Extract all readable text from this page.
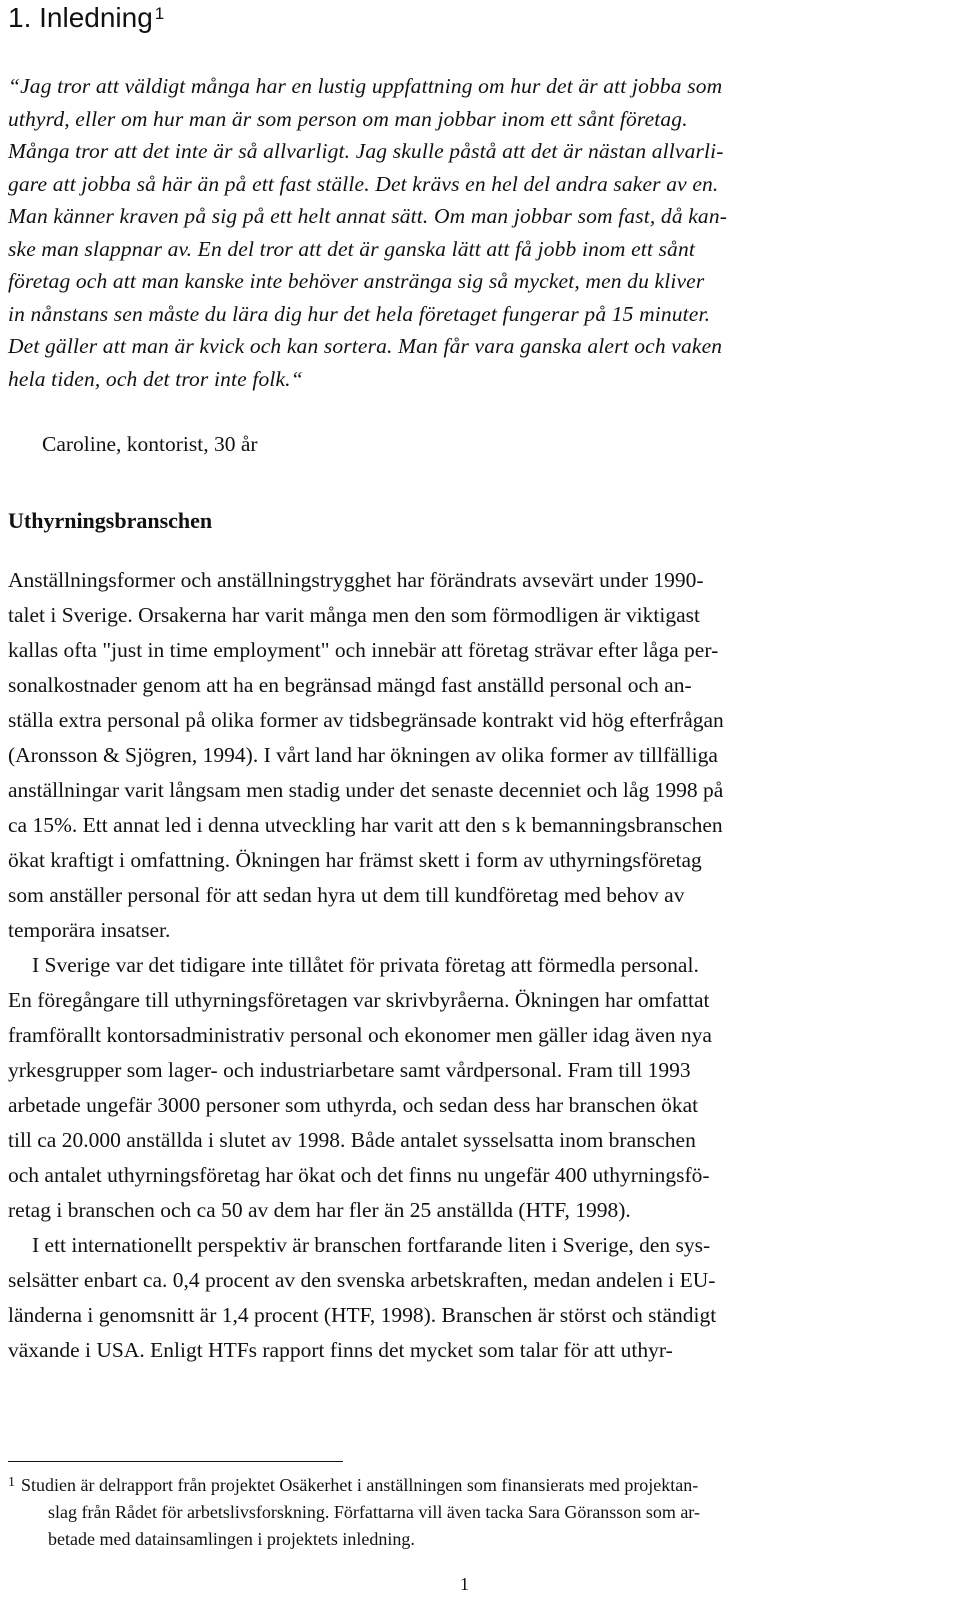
1. Inledning $^1$
“Jag tror att väldigt många har en lustig uppfattning om hur det är att jobba som
uthyrd, eller om hur man är som person om man jobbar inom ett sånt företag.
Många tror att det inte är så allvarligt. Jag skulle påstå att det är nästan allvarli-
gare att jobba så här än på ett fast ställe. Det krävs en hel del andra saker av en.
Man känner kraven på sig på ett helt annat sätt. Om man jobbar som fast, då kan-
ske man slappnar av. En del tror att det är ganska lätt att få jobb inom ett sånt
företag och att man kanske inte behöver anstränga sig så mycket, men du kliver
in nånstans sen måste du lära dig hur det hela företaget fungerar på 15 minuter.
Det gäller att man är kvick och kan sortera. Man får vara ganska alert och vaken
hela tiden, och det tror inte folk.“

Caroline, kontorist, 30 år

Uthyrningsbranschen
Anställningsformer och anställningstrygghet har förändrats avsevärt under 1990-
talet i Sverige. Orsakerna har varit många men den som förmodligen är viktigast
kallas ofta "just in time employment" och innebär att företag strävar efter låga per-
sonalkostnader genom att ha en begränsad mängd fast anställd personal och an-
ställa extra personal på olika former av tidsbegränsade kontrakt vid hög efterfrågan
(Aronsson & Sjögren, 1994). I vårt land har ökningen av olika former av tillfälliga
anställningar varit långsam men stadig under det senaste decenniet och låg 1998 på
ca 15%. Ett annat led i denna utveckling har varit att den s k bemanningsbranschen
ökat kraftigt i omfattning. Ökningen har främst skett i form av uthyrningsföretag
som anställer personal för att sedan hyra ut dem till kundföretag med behov av
temporära insatser.
I Sverige var det tidigare inte tillåtet för privata företag att förmedla personal.
En föregångare till uthyrningsföretagen var skrivbyråerna. Ökningen har omfattat
framförallt kontorsadministrativ personal och ekonomer men gäller idag även nya
yrkesgrupper som lager- och industriarbetare samt vårdpersonal. Fram till 1993
arbetade ungefär 3000 personer som uthyrda, och sedan dess har branschen ökat
till ca 20.000 anställda i slutet av 1998. Både antalet sysselsatta inom branschen
och antalet uthyrningsföretag har ökat och det finns nu ungefär 400 uthyrningsfö-
retag i branschen och ca 50 av dem har fler än 25 anställda (HTF, 1998).
I ett internationellt perspektiv är branschen fortfarande liten i Sverige, den sys-
selsätter enbart ca. 0,4 procent av den svenska arbetskraften, medan andelen i EU-
länderna i genomsnitt är 1,4 procent (HTF, 1998). Branschen är störst och ständigt
växande i USA. Enligt HTFs rapport finns det mycket som talar för att uthyr-
$^1$ Studien är delrapport från projektet Osäkerhet i anställningen som finansierats med projektan-
slag från Rådet för arbetslivsforskning. Författarna vill även tacka Sara Göransson som ar-
betade med datainsamlingen i projektets inledning.

1
